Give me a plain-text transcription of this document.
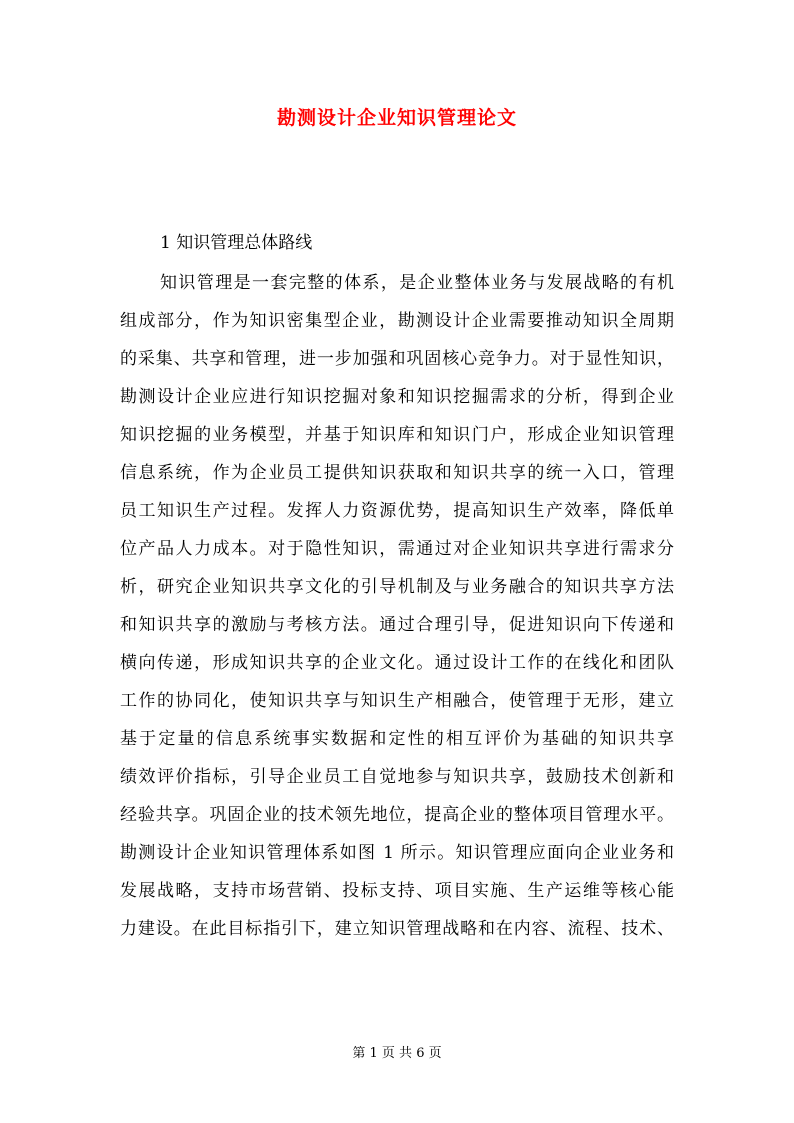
勘测设计企业知识管理论文
1 知识管理总体路线
知识管理是一套完整的体系，是企业整体业务与发展战略的有机
组成部分，作为知识密集型企业，勘测设计企业需要推动知识全周期
的采集、共享和管理，进一步加强和巩固核心竞争力。对于显性知识，
勘测设计企业应进行知识挖掘对象和知识挖掘需求的分析，得到企业
知识挖掘的业务模型，并基于知识库和知识门户，形成企业知识管理
信息系统，作为企业员工提供知识获取和知识共享的统一入口，管理
员工知识生产过程。发挥人力资源优势，提高知识生产效率，降低单
位产品人力成本。对于隐性知识，需通过对企业知识共享进行需求分
析，研究企业知识共享文化的引导机制及与业务融合的知识共享方法
和知识共享的激励与考核方法。通过合理引导，促进知识向下传递和
横向传递，形成知识共享的企业文化。通过设计工作的在线化和团队
工作的协同化，使知识共享与知识生产相融合，使管理于无形，建立
基于定量的信息系统事实数据和定性的相互评价为基础的知识共享
绩效评价指标，引导企业员工自觉地参与知识共享，鼓励技术创新和
经验共享。巩固企业的技术领先地位，提高企业的整体项目管理水平。
勘测设计企业知识管理体系如图 1 所示。知识管理应面向企业业务和
发展战略，支持市场营销、投标支持、项目实施、生产运维等核心能
力建设。在此目标指引下，建立知识管理战略和在内容、流程、技术、
第 1 页 共 6 页
